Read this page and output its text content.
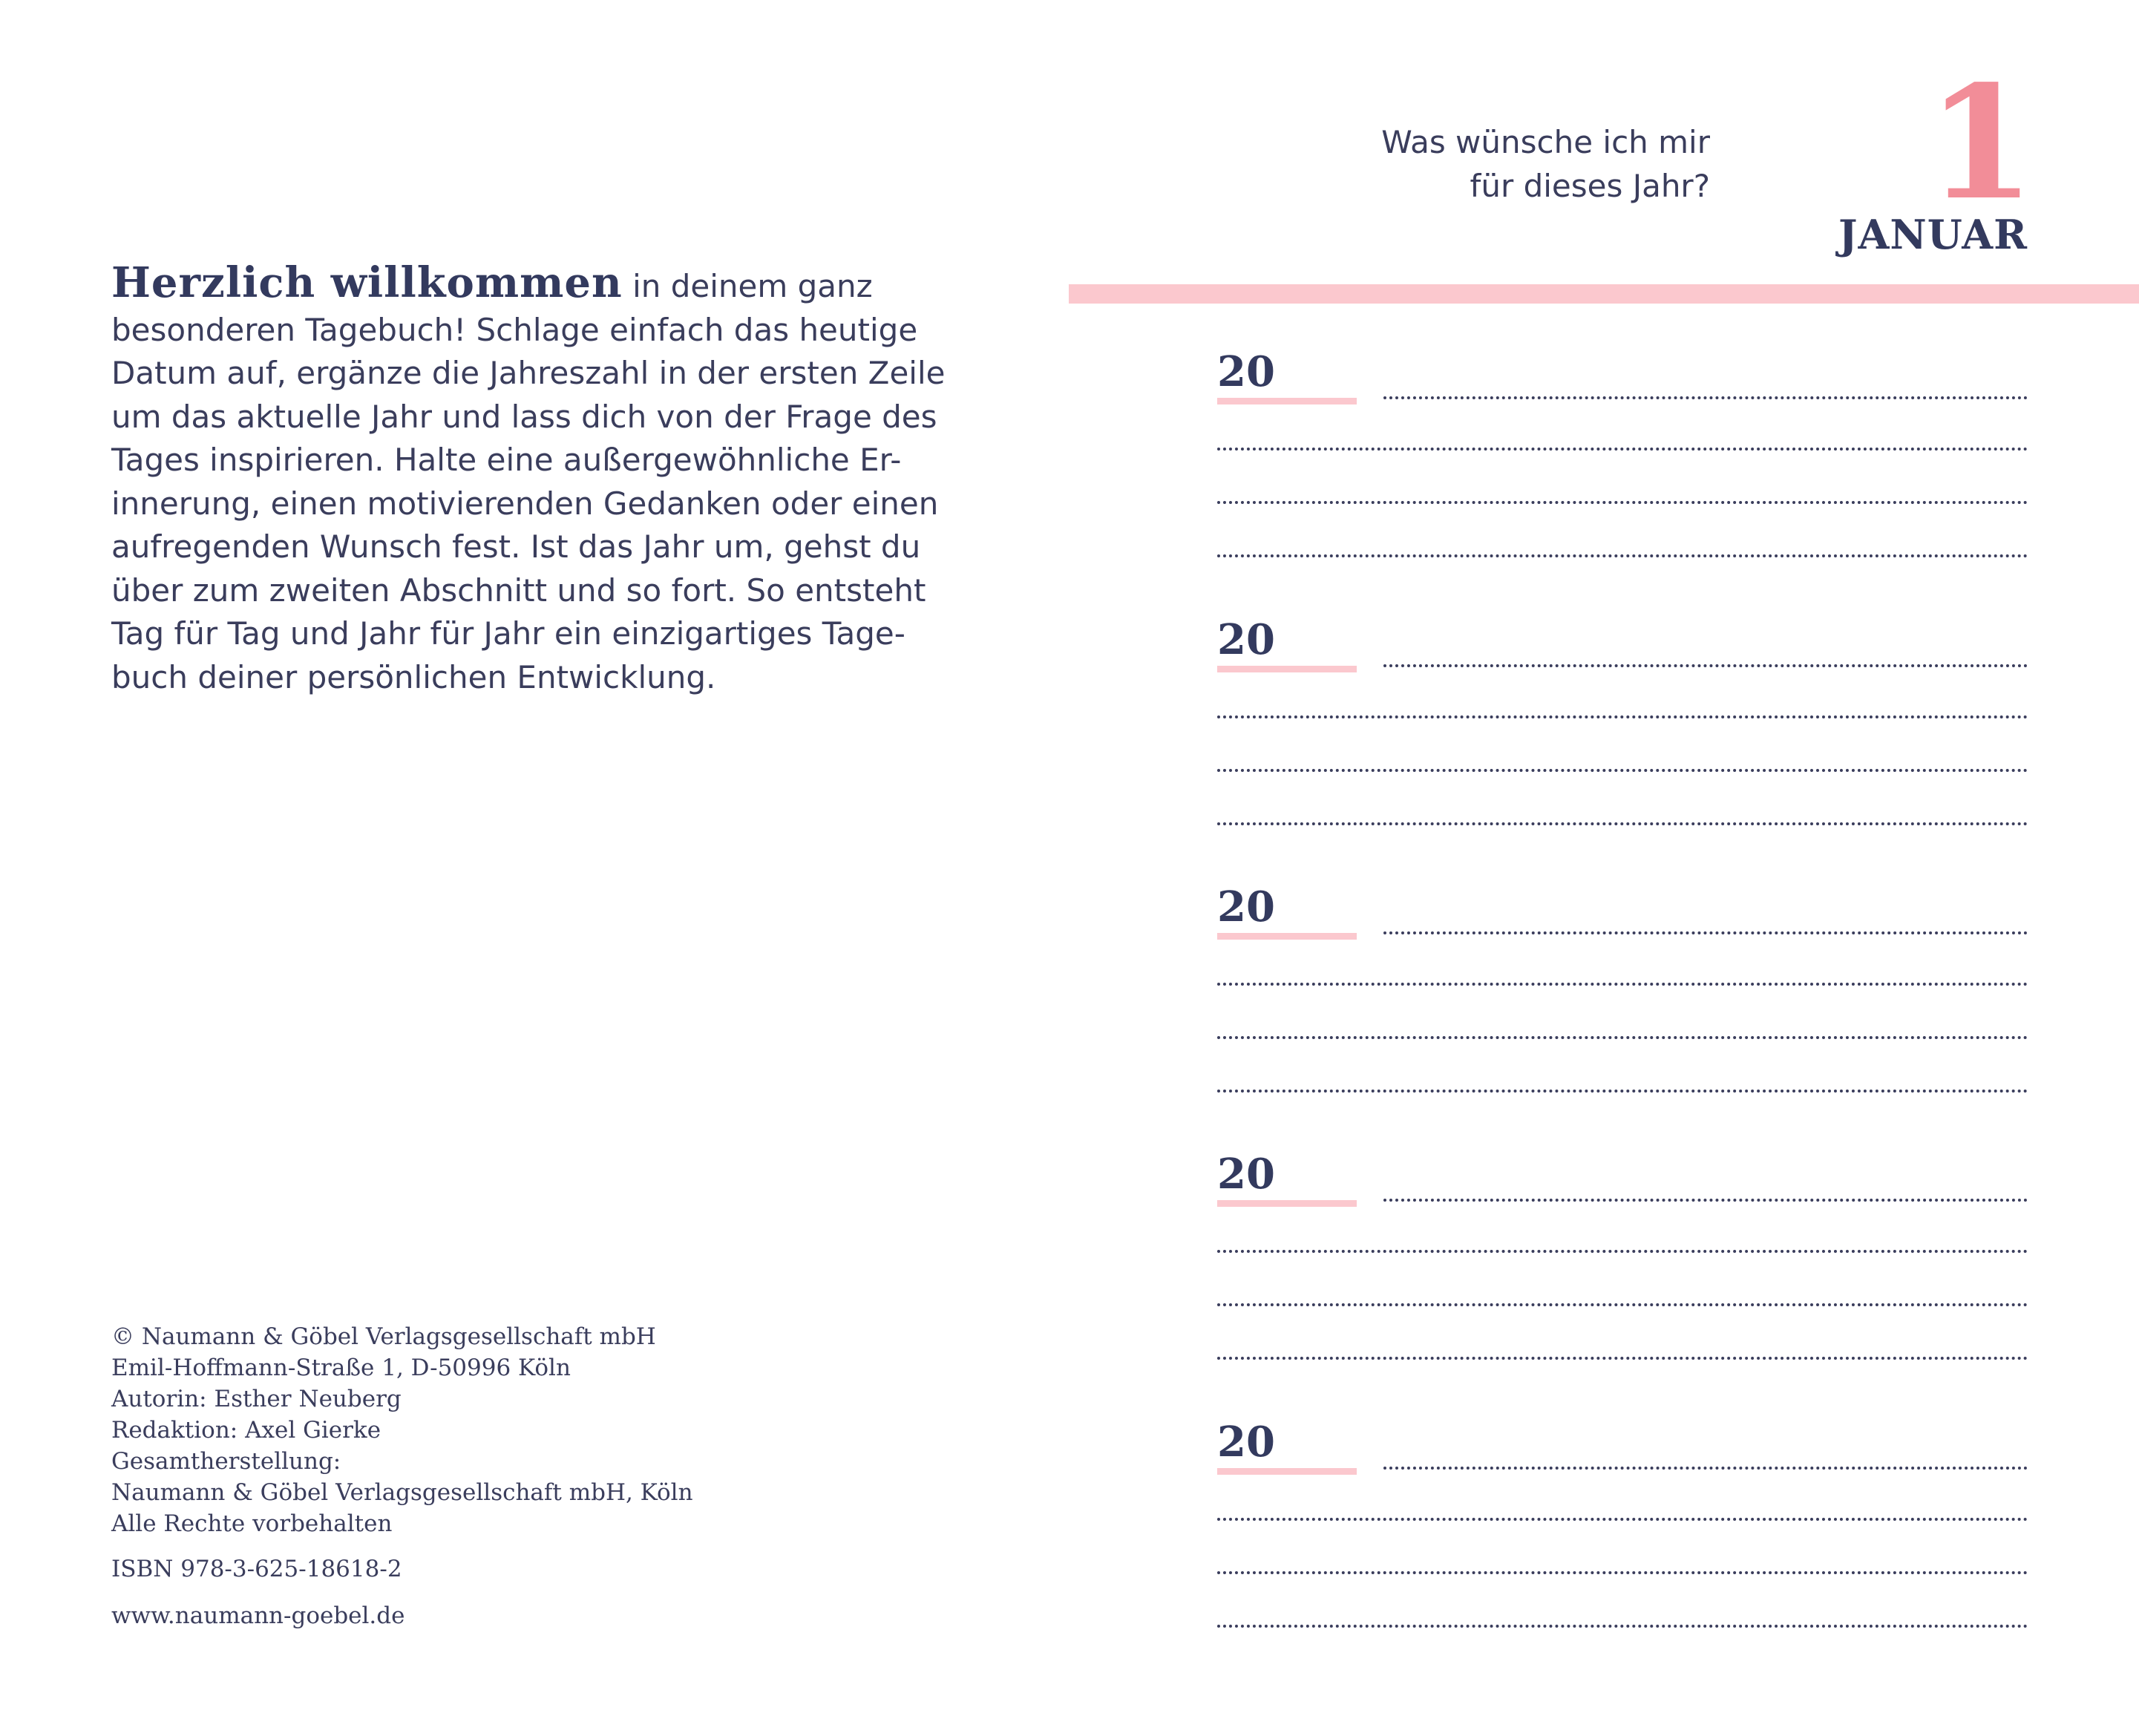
Herzlich willkommen in deinem ganz
besonderen Tagebuch! Schlage einfach das heutige
Datum auf, ergänze die Jahreszahl in der ersten Zeile
um das aktuelle Jahr und lass dich von der Frage des
Tages inspirieren. Halte eine außergewöhnliche Er-
innerung, einen motivierenden Gedanken oder einen
aufregenden Wunsch fest. Ist das Jahr um, gehst du
über zum zweiten Abschnitt und so fort. So entsteht
Tag für Tag und Jahr für Jahr ein einzigartiges Tage-
buch deiner persönlichen Entwicklung.
© Naumann & Göbel Verlagsgesellschaft mbH
Emil-Hoffmann-Straße 1, D-50996 Köln
Autorin: Esther Neuberg
Redaktion: Axel Gierke
Gesamtherstellung:
Naumann & Göbel Verlagsgesellschaft mbH, Köln
Alle Rechte vorbehalten
ISBN 978-3-625-18618-2
www.naumann-goebel.de
Was wünsche ich mir
für dieses Jahr? 1
JANUAR
20
20
20
20
20
